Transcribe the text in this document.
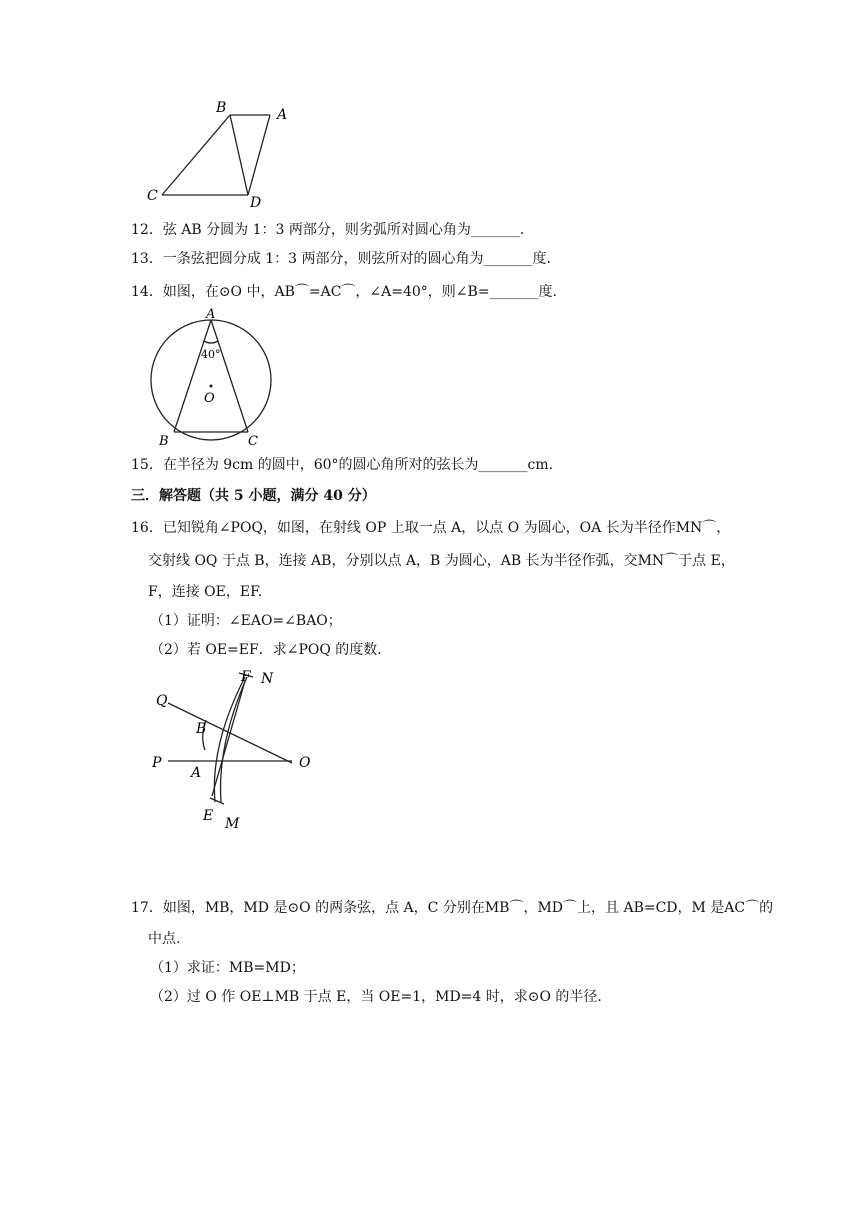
B	A
C	D
12．弦 AB 分圆为 1：3 两部分，则劣弧所对圆心角为_______.
13．一条弦把圆分成 1：3 两部分，则弦所对的圆心角为_______度.
14．如图，在⊙O 中，AB⌒=AC⌒，∠A=40°，则∠B=_______度.
A
40°
O
B	C
15．在半径为 9cm 的圆中，60°的圆心角所对的弦长为_______cm.
三．解答题（共 5 小题，满分 40 分）
16．已知锐角∠POQ，如图，在射线 OP 上取一点 A，以点 O 为圆心，OA 长为半径作MN⌒，
交射线 OQ 于点 B，连接 AB，分别以点 A，B 为圆心，AB 长为半径作弧，交MN⌒于点 E，
F，连接 OE，EF.
（1）证明：∠EAO=∠BAO；
（2）若 OE=EF．求∠POQ 的度数.
Q
F N
B
P
A
O
E M
17．如图，MB，MD 是⊙O 的两条弦，点 A，C 分别在MB⌒，MD⌒上，且 AB=CD，M 是AC⌒的
中点.
（1）求证：MB=MD；
（2）过 O 作 OE⊥MB 于点 E，当 OE=1，MD=4 时，求⊙O 的半径.
